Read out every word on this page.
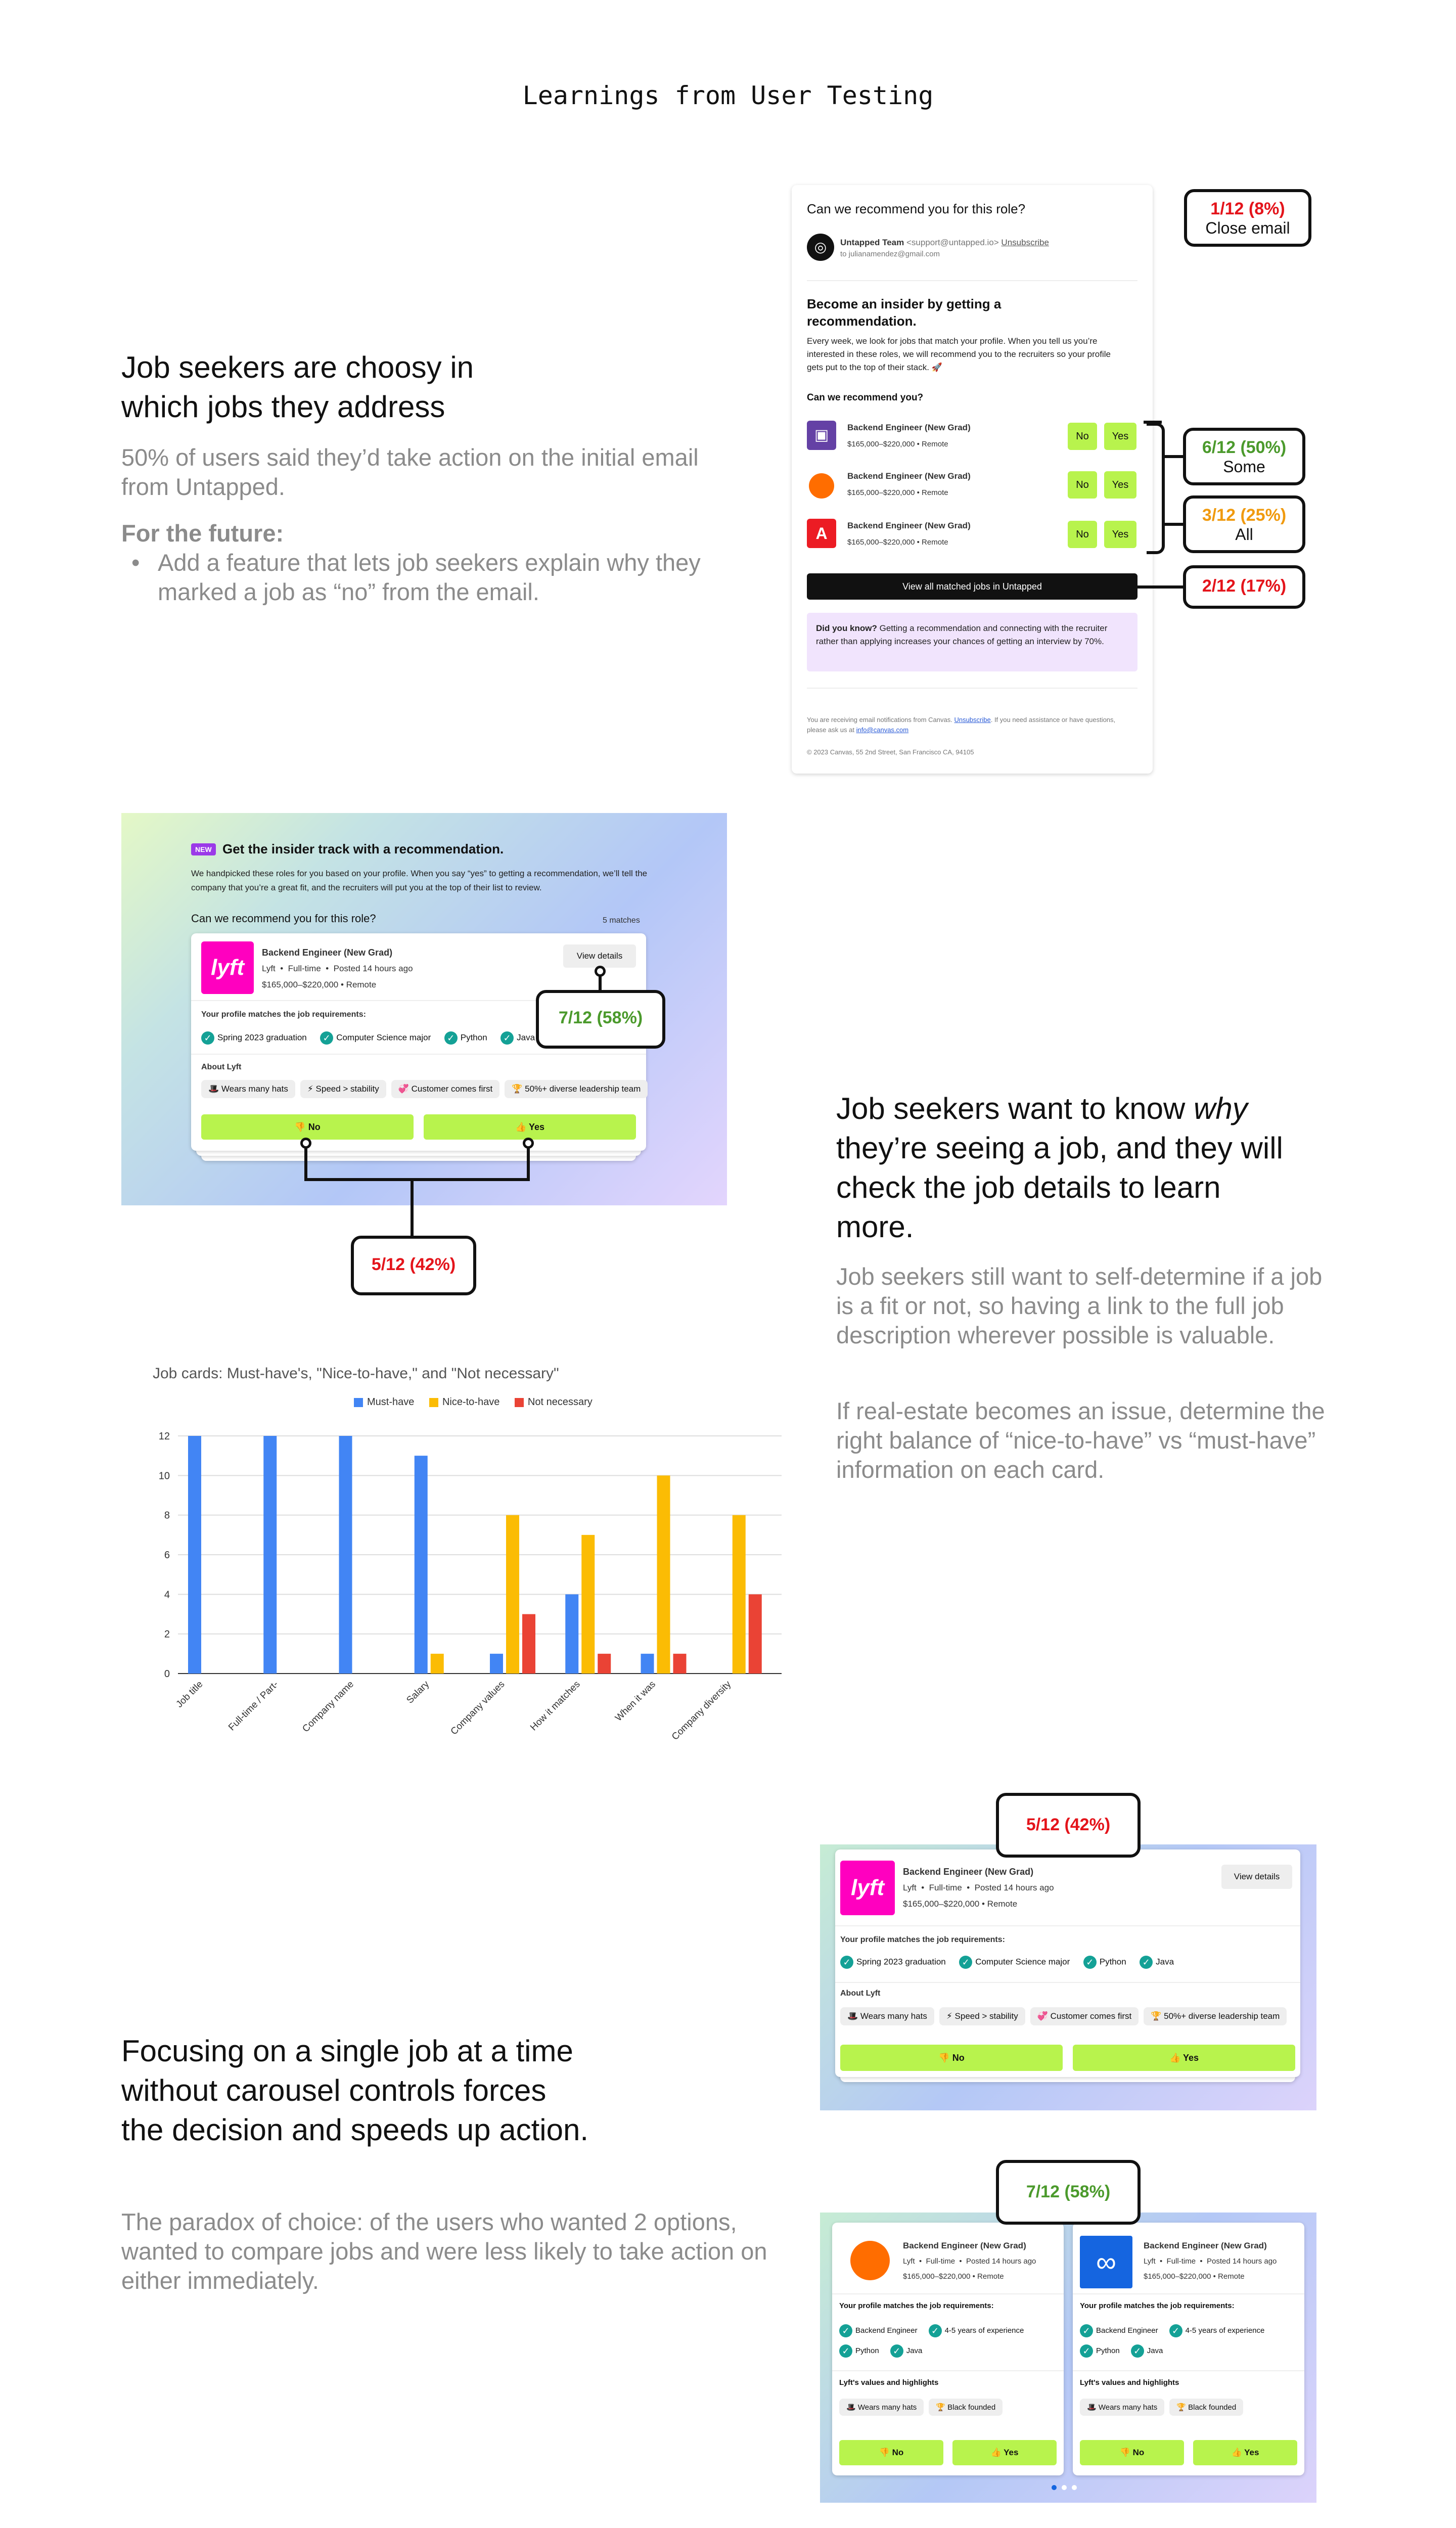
Learnings from User Testing
Job seekers are choosy in which jobs they address
50% of users said they’d take action on the initial email from Untapped.
For the future:
• Add a feature that lets job seekers explain why they marked a job as “no” from the email.
Can we recommend you for this role?
◎	Untapped Team <support@untapped.io> Unsubscribe
to julianamendez@gmail.com
Become an insider by getting a recommendation.
Every week, we look for jobs that match your profile. When you tell us you’re interested in these roles, we will recommend you to the recruiters so your profile gets put to the top of their stack. 🚀
Can we recommend you?
▣	Backend Engineer (New Grad)
$165,000–$220,000 • Remote
No	Yes
Backend Engineer (New Grad)
$165,000–$220,000 • Remote
No	Yes
A	Backend Engineer (New Grad)
$165,000–$220,000 • Remote
No	Yes
View all matched jobs in Untapped
Did you know? Getting a recommendation and connecting with the recruiter rather than applying increases your chances of getting an interview by 70%.
You are receiving email notifications from Canvas. Unsubscribe. If you need assistance or have questions, please ask us at info@canvas.com
© 2023 Canvas, 55 2nd Street, San Francisco CA, 94105
1/12 (8%)
Close email
6/12 (50%)
Some
3/12 (25%)
All
2/12 (17%)
NEW Get the insider track with a recommendation.
We handpicked these roles for you based on your profile. When you say “yes” to getting a recommendation, we’ll tell the company that you’re a great fit, and the recruiters will put you at the top of their list to review.
Can we recommend you for this role?	5 matches
lyft
Backend Engineer (New Grad)
Lyft  •  Full-time  •  Posted 14 hours ago
$165,000–$220,000 • Remote
View details
Your profile matches the job requirements:
✓ Spring 2023 graduation ✓ Computer Science major ✓ Python ✓ Java
About Lyft
🎩 Wears many hats ⚡ Speed > stability 💞 Customer comes first 🏆 50%+ diverse leadership team
👎 No	👍 Yes
7/12 (58%)
5/12 (42%)
Job seekers want to know why they’re seeing a job, and they will check the job details to learn more.
Job seekers still want to self-determine if a job is a fit or not, so having a link to the full job description wherever possible is valuable.
If real-estate becomes an issue, determine the right balance of “nice-to-have” vs “must-have” information on each card.
Job cards: Must-have's, "Nice-to-have," and "Not necessary"
Must-have	Nice-to-have	Not necessary
0
2
4
6
8
10
12
Job title Full-time / Part- Company name	Salary Company values How it matches	When it was Company diversity
Focusing on a single job at a time without carousel controls forces the decision and speeds up action.
The paradox of choice: of the users who wanted 2 options, wanted to compare jobs and were less likely to take action on either immediately.
lyft
Backend Engineer (New Grad)
Lyft  •  Full-time  •  Posted 14 hours ago
$165,000–$220,000 • Remote
View details
Your profile matches the job requirements:
✓ Spring 2023 graduation ✓ Computer Science major ✓ Python ✓ Java
About Lyft
🎩 Wears many hats ⚡ Speed > stability 💞 Customer comes first 🏆 50%+ diverse leadership team
👎 No	👍 Yes
5/12 (42%)
Backend Engineer (New Grad)
Lyft  •  Full-time  •  Posted 14 hours ago
$165,000–$220,000 • Remote
Your profile matches the job requirements:
✓ Backend Engineer ✓ 4-5 years of experience
✓ Python ✓ Java
Lyft's values and highlights
🎩 Wears many hats	🏆 Black founded
👎 No	👍 Yes
∞
Backend Engineer (New Grad)
Lyft  •  Full-time  •  Posted 14 hours ago
$165,000–$220,000 • Remote
Your profile matches the job requirements:
✓ Backend Engineer ✓ 4-5 years of experience
✓ Python ✓ Java
Lyft's values and highlights
🎩 Wears many hats	🏆 Black founded
👎 No	👍 Yes
7/12 (58%)
